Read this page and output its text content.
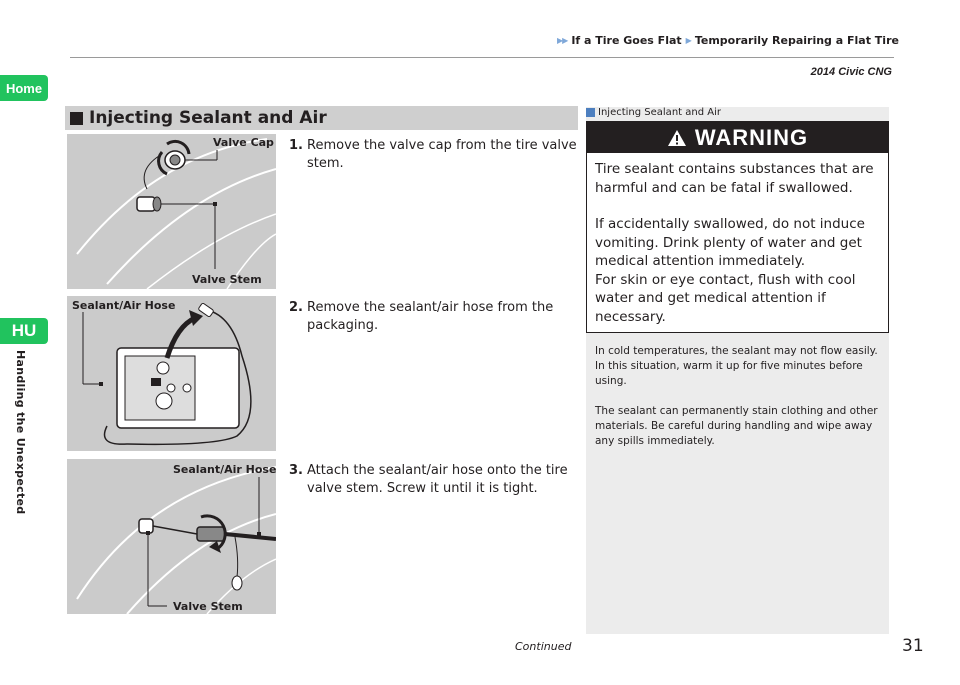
▶▶ If a Tire Goes Flat ▶ Temporarily Repairing a Flat Tire
2014 Civic CNG
Home
HU
Handling the Unexpected
Injecting Sealant and Air
Valve Cap
Valve Stem
Sealant/Air Hose
Sealant/Air Hose
Valve Stem
1. Remove the valve cap from the tire valve stem.
2. Remove the sealant/air hose from the packaging.
3. Attach the sealant/air hose onto the tire valve stem. Screw it until it is tight.
Injecting Sealant and Air
WARNING

Tire sealant contains substances that are harmful and can be fatal if swallowed.

If accidentally swallowed, do not induce vomiting. Drink plenty of water and get medical attention immediately.

For skin or eye contact, flush with cool water and get medical attention if necessary.

In cold temperatures, the sealant may not flow easily. In this situation, warm it up for five minutes before using.

The sealant can permanently stain clothing and other materials. Be careful during handling and wipe away any spills immediately.

Continued	31
